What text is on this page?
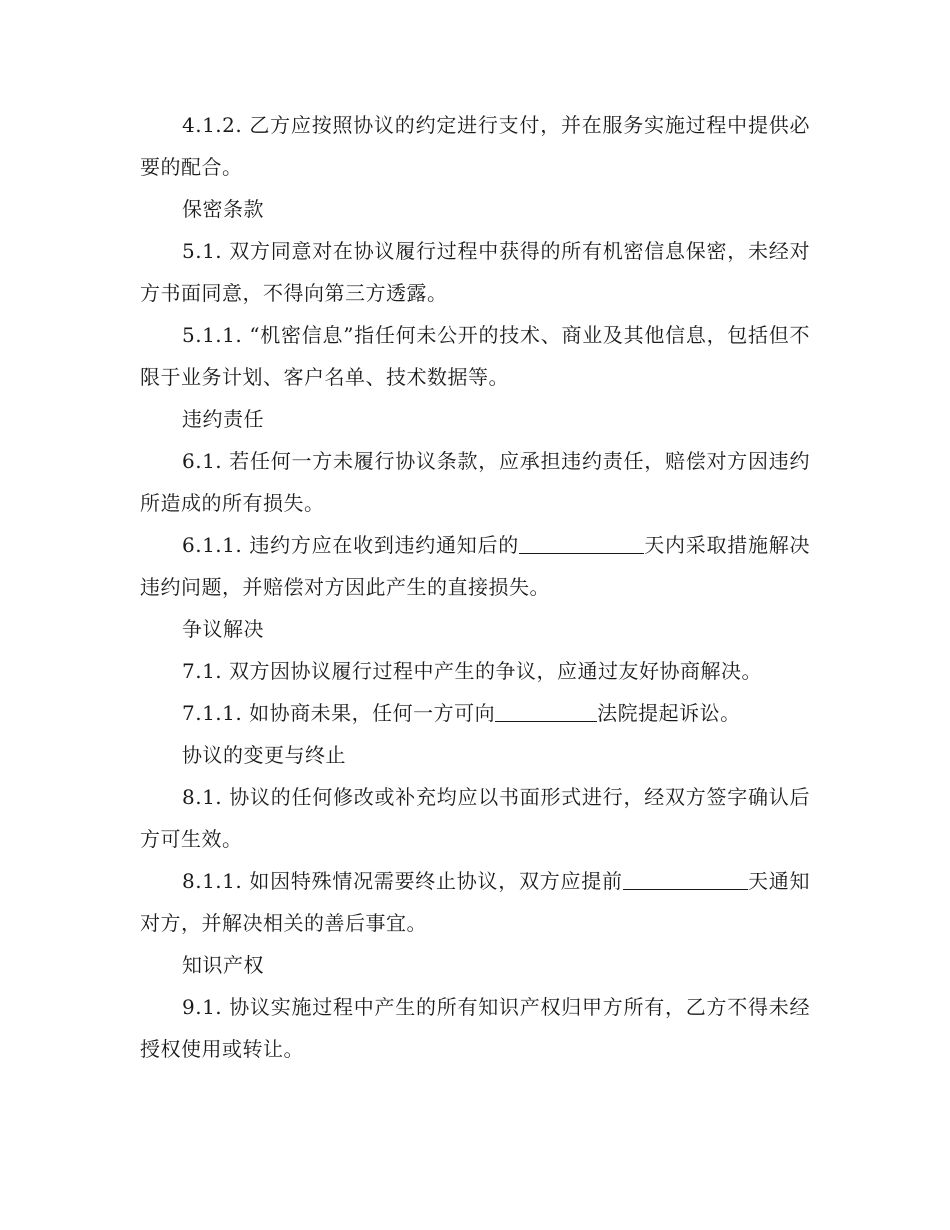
4.1.2. 乙方应按照协议的约定进行支付，并在服务实施过程中提供必要的配合。

保密条款

5.1. 双方同意对在协议履行过程中获得的所有机密信息保密，未经对方书面同意，不得向第三方透露。

5.1.1. “机密信息”指任何未公开的技术、商业及其他信息，包括但不限于业务计划、客户名单、技术数据等。

违约责任

6.1. 若任何一方未履行协议条款，应承担违约责任，赔偿对方因违约所造成的所有损失。

6.1.1. 违约方应在收到违约通知后的	天内采取措施解决违约问题，并赔偿对方因此产生的直接损失。

争议解决

7.1. 双方因协议履行过程中产生的争议，应通过友好协商解决。

7.1.1. 如协商未果，任何一方可向	法院提起诉讼。

协议的变更与终止

8.1. 协议的任何修改或补充均应以书面形式进行，经双方签字确认后方可生效。

8.1.1. 如因特殊情况需要终止协议，双方应提前	天通知对方，并解决相关的善后事宜。

知识产权

9.1. 协议实施过程中产生的所有知识产权归甲方所有，乙方不得未经授权使用或转让。
